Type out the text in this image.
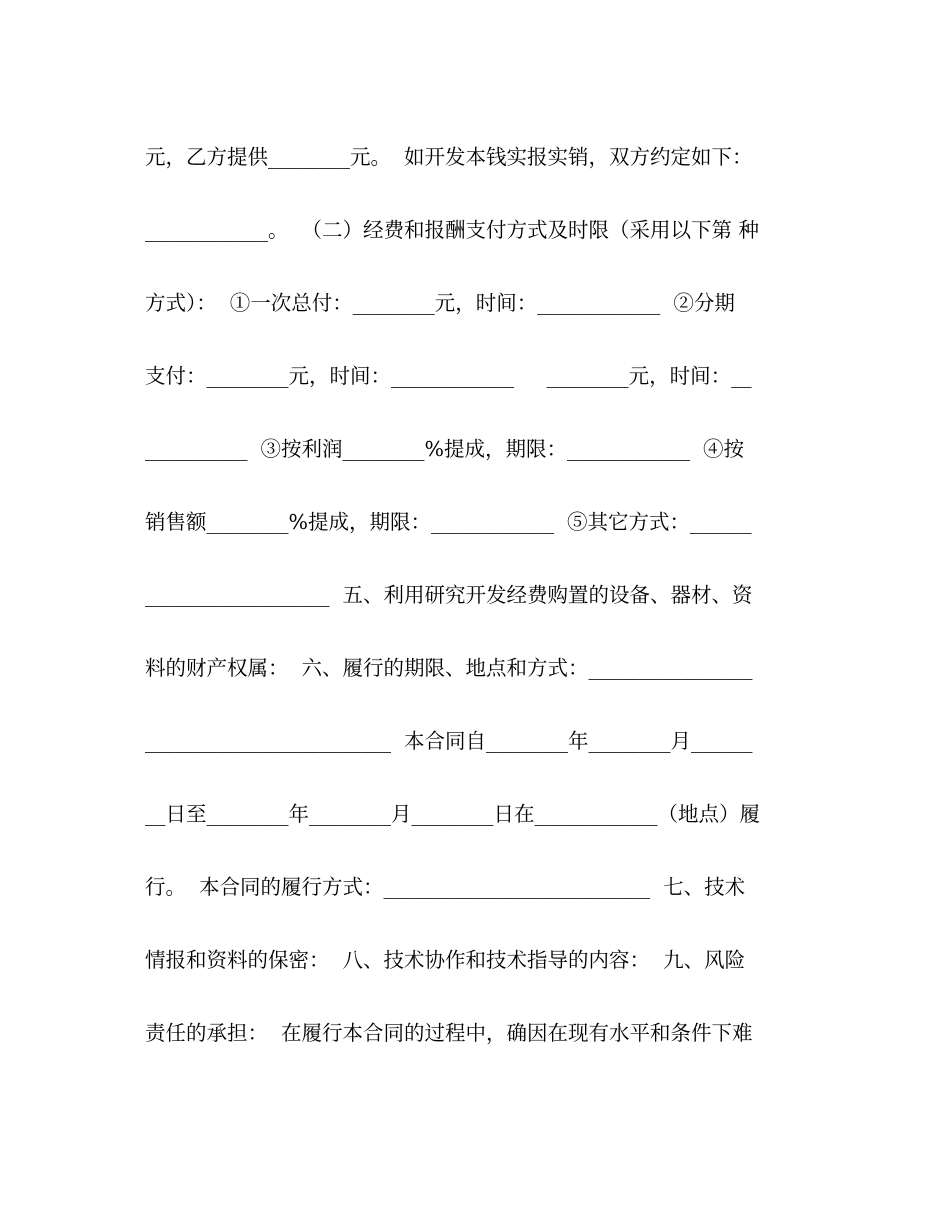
元，乙方提供________元。  如开发本钱实报实销，双方约定如下：
____________。  （二）经费和报酬支付方式及时限（采用以下第 种
方式）：  ①一次总付：________元，时间：____________  ②分期
支付：________元，时间：____________     ________元，时间：__
__________  ③按利润________%提成，期限：____________  ④按
销售额________%提成，期限：____________  ⑤其它方式：______
__________________  五、利用研究开发经费购置的设备、器材、资
料的财产权属：  六、履行的期限、地点和方式：________________
________________________  本合同自________年________月______
__日至________年________月________日在____________（地点）履
行。  本合同的履行方式：__________________________  七、技术
情报和资料的保密：  八、技术协作和技术指导的内容：  九、风险
责任的承担：  在履行本合同的过程中，确因在现有水平和条件下难
